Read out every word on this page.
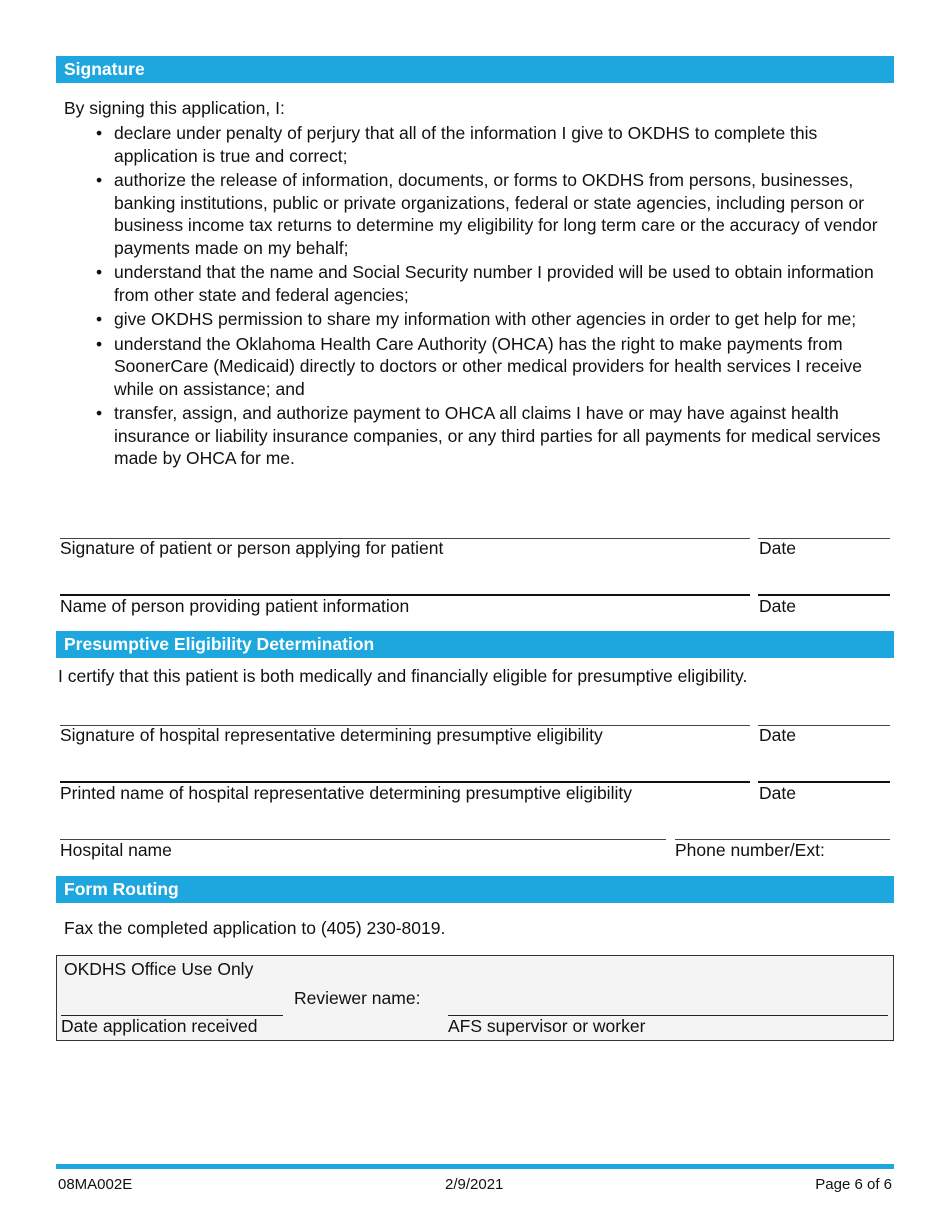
Signature
By signing this application, I:
• declare under penalty of perjury that all of the information I give to OKDHS to complete this application is true and correct;
• authorize the release of information, documents, or forms to OKDHS from persons, businesses, banking institutions, public or private organizations, federal or state agencies, including person or business income tax returns to determine my eligibility for long term care or the accuracy of vendor payments made on my behalf;
• understand that the name and Social Security number I provided will be used to obtain information from other state and federal agencies;
• give OKDHS permission to share my information with other agencies in order to get help for me;
• understand the Oklahoma Health Care Authority (OHCA) has the right to make payments from SoonerCare (Medicaid) directly to doctors or other medical providers for health services I receive while on assistance; and
• transfer, assign, and authorize payment to OHCA all claims I have or may have against health insurance or liability insurance companies, or any third parties for all payments for medical services made by OHCA for me.
Signature of patient or person applying for patient	Date
Name of person providing patient information	Date
Presumptive Eligibility Determination
I certify that this patient is both medically and financially eligible for presumptive eligibility.
Signature of hospital representative determining presumptive eligibility	Date
Printed name of hospital representative determining presumptive eligibility	Date
Hospital name	Phone number/Ext:
Form Routing
Fax the completed application to (405) 230-8019.
OKDHS Office Use Only
Reviewer name:
Date application received	AFS supervisor or worker
08MA002E	2/9/2021	Page 6 of 6
